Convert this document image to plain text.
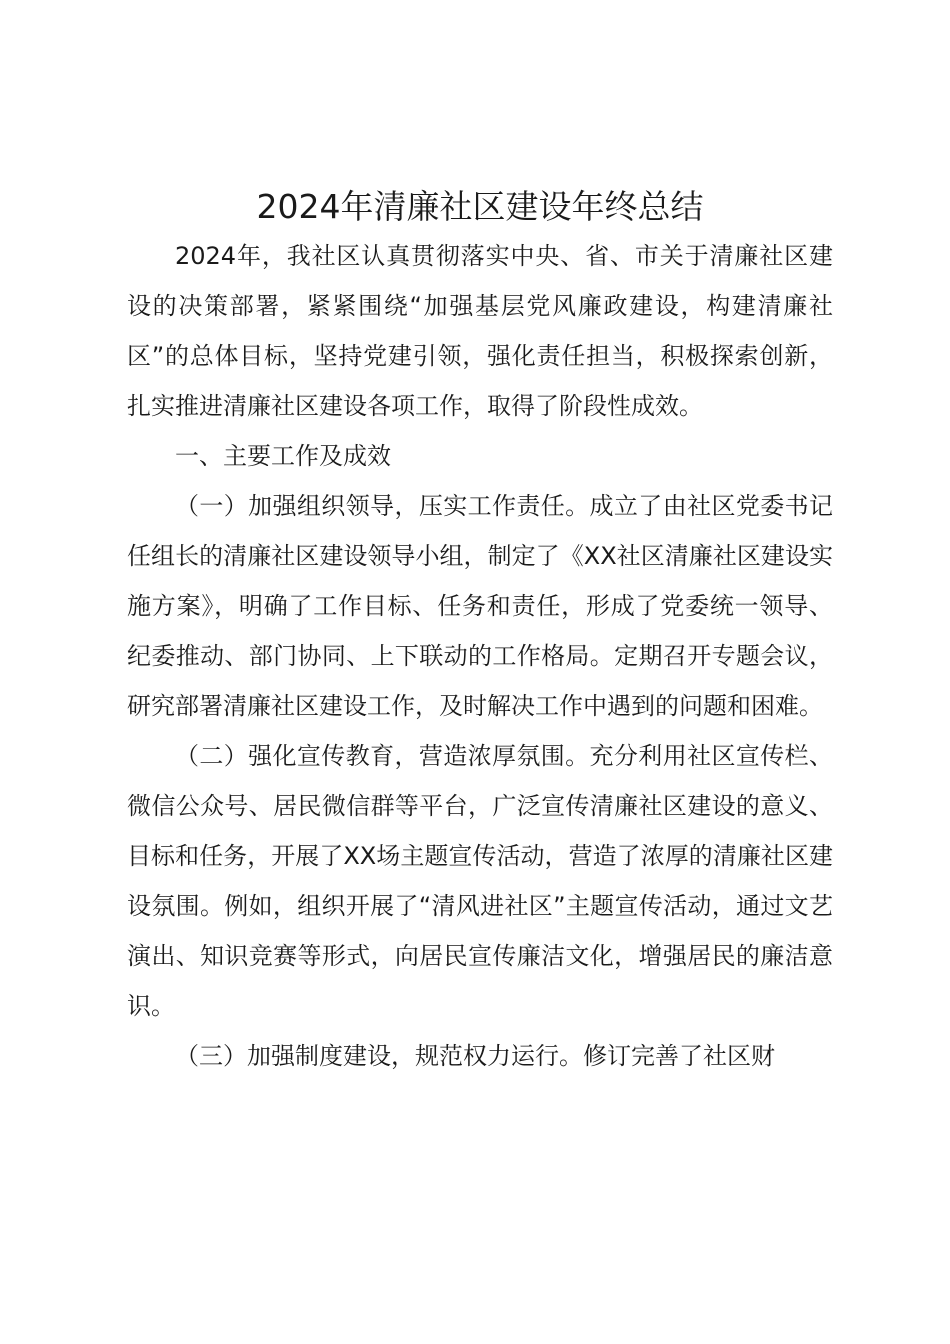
2024年清廉社区建设年终总结

2024年，我社区认真贯彻落实中央、省、市关于清廉社区建设的决策部署，紧紧围绕“加强基层党风廉政建设，构建清廉社区”的总体目标，坚持党建引领，强化责任担当，积极探索创新，扎实推进清廉社区建设各项工作，取得了阶段性成效。

一、主要工作及成效

（一）加强组织领导，压实工作责任。成立了由社区党委书记任组长的清廉社区建设领导小组，制定了《XX社区清廉社区建设实施方案》，明确了工作目标、任务和责任，形成了党委统一领导、纪委推动、部门协同、上下联动的工作格局。定期召开专题会议，研究部署清廉社区建设工作，及时解决工作中遇到的问题和困难。

（二）强化宣传教育，营造浓厚氛围。充分利用社区宣传栏、微信公众号、居民微信群等平台，广泛宣传清廉社区建设的意义、目标和任务，开展了XX场主题宣传活动，营造了浓厚的清廉社区建设氛围。例如，组织开展了“清风进社区”主题宣传活动，通过文艺演出、知识竞赛等形式，向居民宣传廉洁文化，增强居民的廉洁意识。

（三）加强制度建设，规范权力运行。修订完善了社区财
